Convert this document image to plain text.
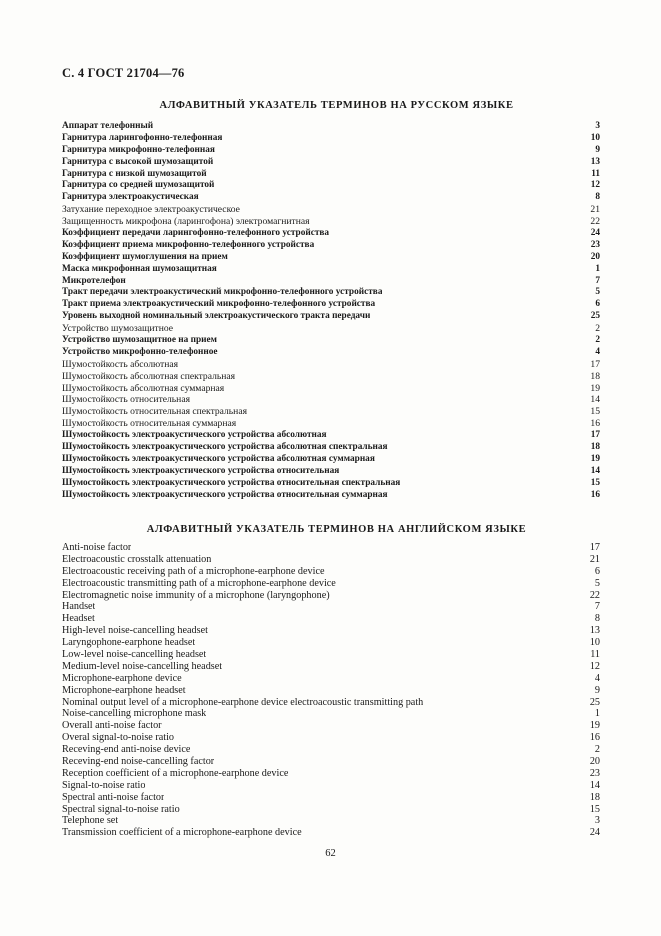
С. 4 ГОСТ 21704—76
АЛФАВИТНЫЙ УКАЗАТЕЛЬ ТЕРМИНОВ НА РУССКОМ ЯЗЫКЕ
Аппарат телефонный	3
Гарнитура ларингофонно-телефонная	10
Гарнитура микрофонно-телефонная	9
Гарнитура с высокой шумозащитой	13
Гарнитура с низкой шумозащитой	11
Гарнитура со средней шумозащитой	12
Гарнитура электроакустическая	8
Затухание переходное электроакустическое	21
Защищенность микрофона (ларингофона) электромагнитная	22
Коэффициент передачи ларингофонно-телефонного устройства	24
Коэффициент приема микрофонно-телефонного устройства	23
Коэффициент шумоглушения на прием	20
Маска микрофонная шумозащитная	1
Микротелефон	7
Тракт передачи электроакустический микрофонно-телефонного устройства	5
Тракт приема электроакустический микрофонно-телефонного устройства	6
Уровень выходной номинальный электроакустического тракта передачи	25
Устройство шумозащитное	2
Устройство шумозащитное на прием	2
Устройство микрофонно-телефонное	4
Шумостойкость абсолютная	17
Шумостойкость абсолютная спектральная	18
Шумостойкость абсолютная суммарная	19
Шумостойкость относительная	14
Шумостойкость относительная спектральная	15
Шумостойкость относительная суммарная	16
Шумостойкость электроакустического устройства абсолютная	17
Шумостойкость электроакустического устройства абсолютная спектральная	18
Шумостойкость электроакустического устройства абсолютная суммарная	19
Шумостойкость электроакустического устройства относительная	14
Шумостойкость электроакустического устройства относительная спектральная	15
Шумостойкость электроакустического устройства относительная суммарная	16
АЛФАВИТНЫЙ УКАЗАТЕЛЬ ТЕРМИНОВ НА АНГЛИЙСКОМ ЯЗЫКЕ
Anti-noise factor	17
Electroacoustic crosstalk attenuation	21
Electroacoustic receiving path of a microphone-earphone device	6
Electroacoustic transmitting path of a microphone-earphone device	5
Electromagnetic noise immunity of a microphone (laryngophone)	22
Handset	7
Headset	8
High-level noise-cancelling headset	13
Laryngophone-earphone headset	10
Low-level noise-cancelling headset	11
Medium-level noise-cancelling headset	12
Microphone-earphone device	4
Microphone-earphone headset	9
Nominal output level of a microphone-earphone device electroacoustic transmitting path	25
Noise-cancelling microphone mask	1
Overall anti-noise factor	19
Overal signal-to-noise ratio	16
Receving-end anti-noise device	2
Receving-end noise-cancelling factor	20
Reception coefficient of a microphone-earphone device	23
Signal-to-noise ratio	14
Spectral anti-noise factor	18
Spectral signal-to-noise ratio	15
Telephone set	3
Transmission coefficient of a microphone-earphone device	24
62
